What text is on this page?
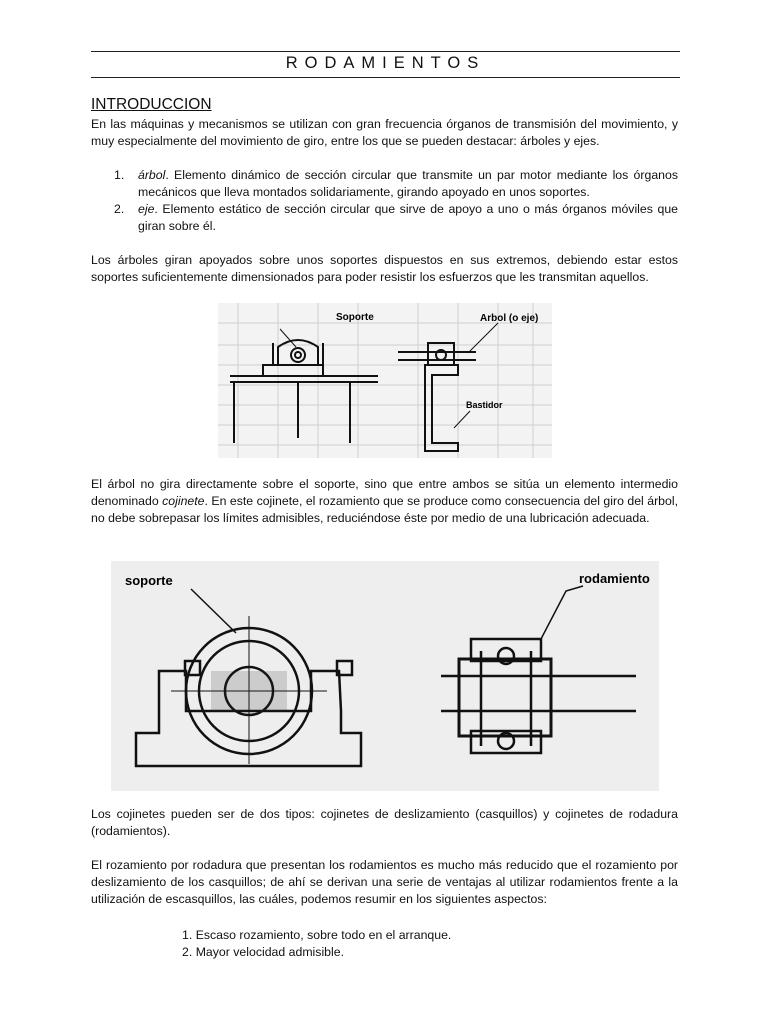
RODAMIENTOS
INTRODUCCION

En las máquinas y mecanismos se utilizan con gran frecuencia órganos de transmisión del movimiento, y muy especialmente del movimiento de giro, entre los que se pueden destacar: árboles y ejes.

1. árbol. Elemento dinámico de sección circular que transmite un par motor mediante los órganos mecánicos que lleva montados solidariamente, girando apoyado en unos soportes.
2. eje. Elemento estático de sección circular que sirve de apoyo a uno o más órganos móviles que giran sobre él.

Los árboles giran apoyados sobre unos soportes dispuestos en sus extremos, debiendo estar estos soportes suficientemente dimensionados para poder resistir los esfuerzos que les transmitan aquellos.

Soporte	Arbol (o eje)
Bastidor

El árbol no gira directamente sobre el soporte, sino que entre ambos se sitúa un elemento intermedio denominado cojinete. En este cojinete, el rozamiento que se produce como consecuencia del giro del árbol, no debe sobrepasar los límites admisibles, reduciéndose éste por medio de una lubricación adecuada.

soporte	rodamiento

Los cojinetes pueden ser de dos tipos: cojinetes de deslizamiento (casquillos) y cojinetes de rodadura (rodamientos).

El rozamiento por rodadura que presentan los rodamientos es mucho más reducido que el rozamiento por deslizamiento de los casquillos; de ahí se derivan una serie de ventajas al utilizar rodamientos frente a la utilización de escasquillos, las cuáles, podemos resumir en los siguientes aspectos:

1. Escaso rozamiento, sobre todo en el arranque.
2. Mayor velocidad admisible.
